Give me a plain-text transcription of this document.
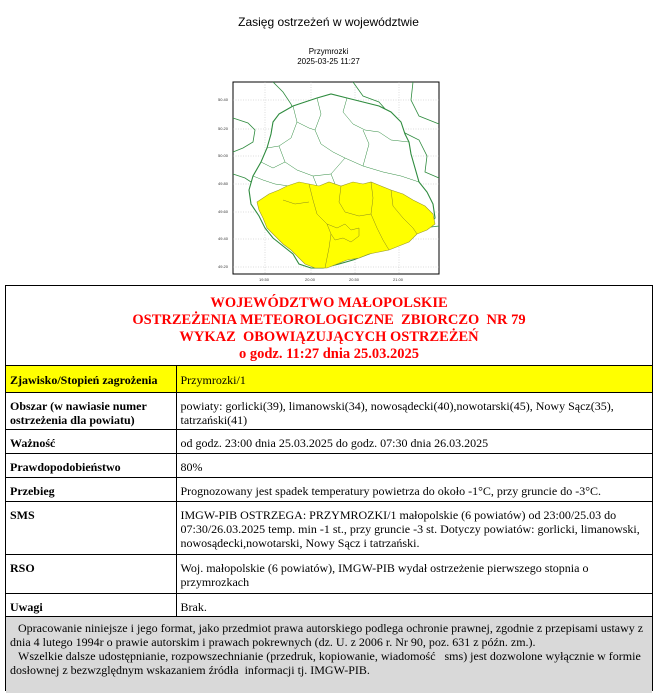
Zasięg ostrzeżeń w województwie
Przymrozki
2025-03-25 11:27
50.40
50.20
50.00
49.80
49.60
49.40
49.20
19.50	20.00	20.50	21.00
WOJEWÓDZTWO MAŁOPOLSKIE
OSTRZEŻENIA METEOROLOGICZNE  ZBIORCZO  NR 79
WYKAZ  OBOWIĄZUJĄCYCH OSTRZEŻEŃ
o godz. 11:27 dnia 25.03.2025
Zjawisko/Stopień zagrożenia	Przymrozki/1
Obszar (w nawiasie numer ostrzeżenia dla powiatu)	powiaty: gorlicki(39), limanowski(34), nowosądecki(40),nowotarski(45), Nowy Sącz(35), tatrzański(41)
Ważność	od godz. 23:00 dnia 25.03.2025 do godz. 07:30 dnia 26.03.2025
Prawdopodobieństwo	80%
Przebieg	Prognozowany jest spadek temperatury powietrza do około -1°C, przy gruncie do -3°C.
SMS	IMGW-PIB OSTRZEGA: PRZYMROZKI/1 małopolskie (6 powiatów) od 23:00/25.03 do 07:30/26.03.2025 temp. min -1 st., przy gruncie -3 st. Dotyczy powiatów: gorlicki, limanowski, nowosądecki,nowotarski, Nowy Sącz i tatrzański.
RSO	Woj. małopolskie (6 powiatów), IMGW-PIB wydał ostrzeżenie pierwszego stopnia o przymrozkach
Uwagi	Brak.

Opracowanie niniejsze i jego format, jako przedmiot prawa autorskiego podlega ochronie prawnej, zgodnie z przepisami ustawy z dnia 4 lutego 1994r o prawie autorskim i prawach pokrewnych (dz. U. z 2006 r. Nr 90, poz. 631 z późn. zm.).

Wszelkie dalsze udostępnianie, rozpowszechnianie (przedruk, kopiowanie, wiadomość   sms) jest dozwolone wyłącznie w formie dosłownej z bezwzględnym wskazaniem źródła  informacji tj. IMGW-PIB.
